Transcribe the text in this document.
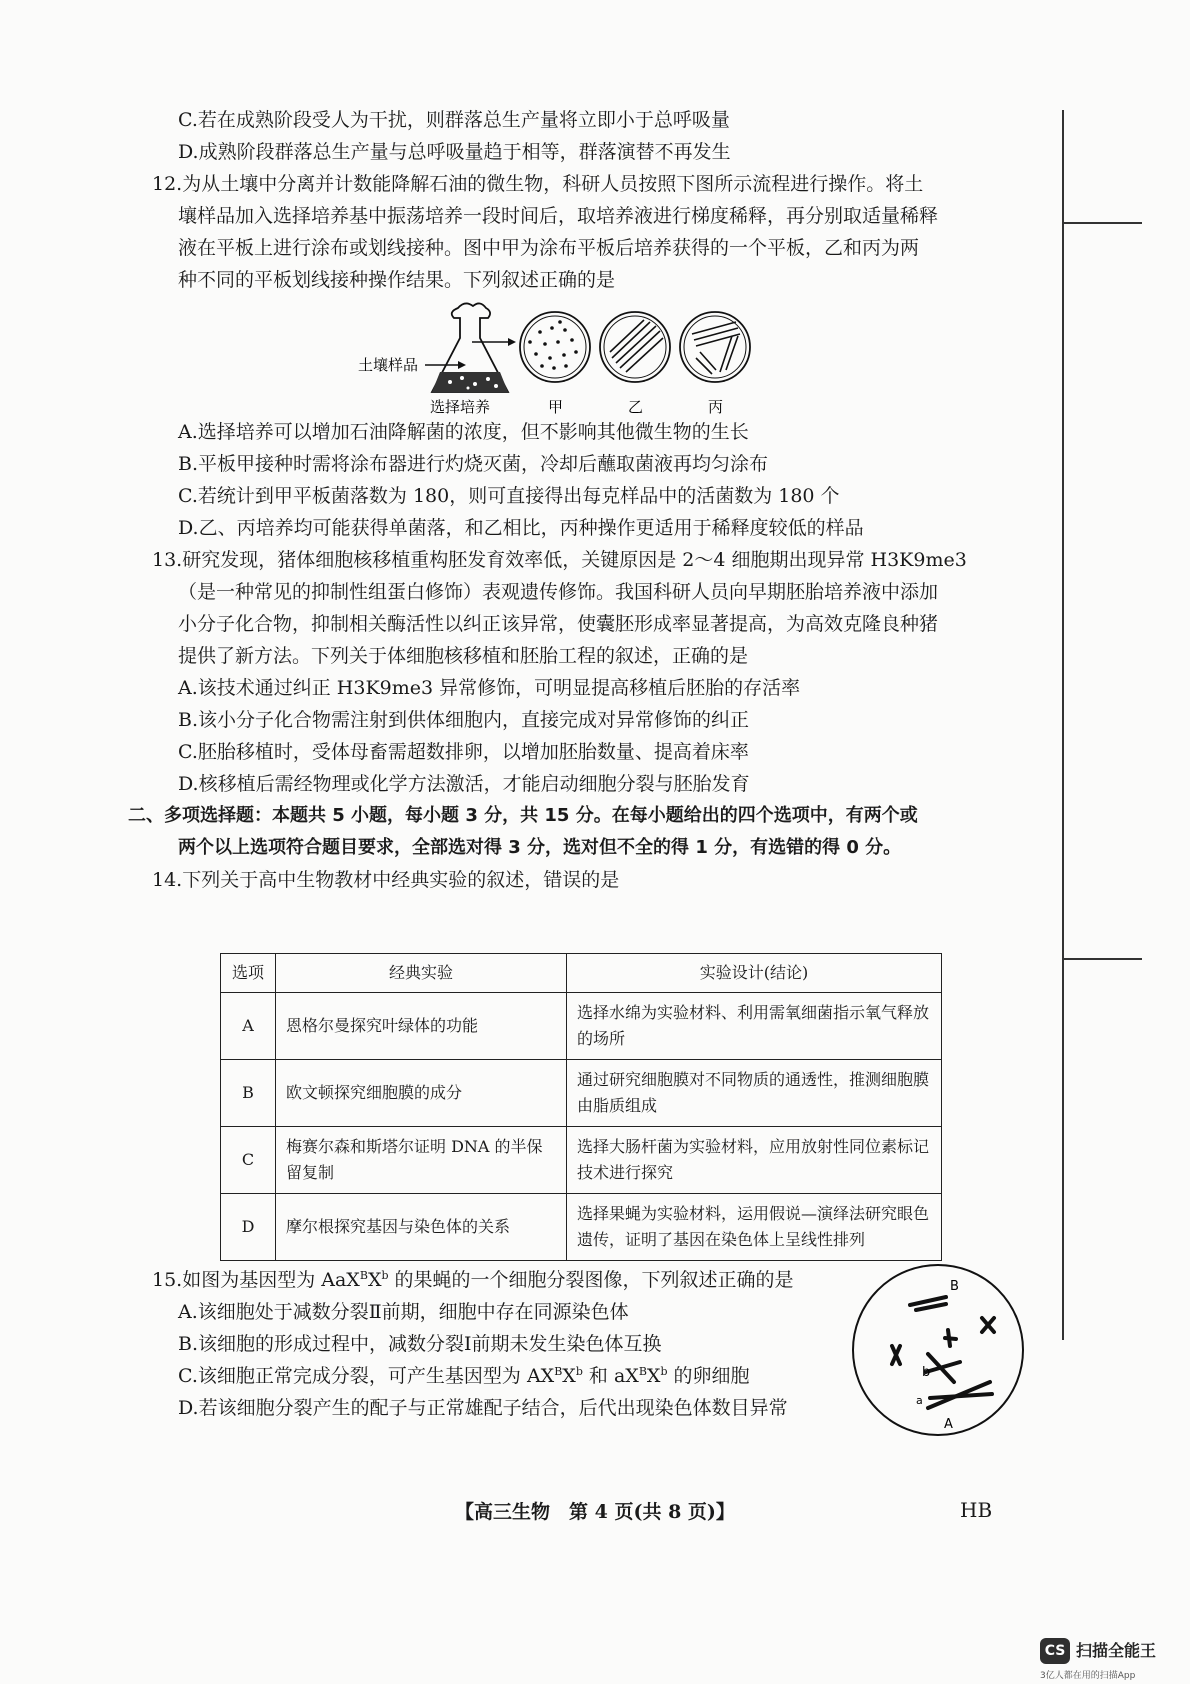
C.若在成熟阶段受人为干扰，则群落总生产量将立即小于总呼吸量
D.成熟阶段群落总生产量与总呼吸量趋于相等，群落演替不再发生
12.为从土壤中分离并计数能降解石油的微生物，科研人员按照下图所示流程进行操作。将土
壤样品加入选择培养基中振荡培养一段时间后，取培养液进行梯度稀释，再分别取适量稀释
液在平板上进行涂布或划线接种。图中甲为涂布平板后培养获得的一个平板，乙和丙为两
种不同的平板划线接种操作结果。下列叙述正确的是
土壤样品
选择培养	甲	乙	丙
A.选择培养可以增加石油降解菌的浓度，但不影响其他微生物的生长
B.平板甲接种时需将涂布器进行灼烧灭菌，冷却后蘸取菌液再均匀涂布
C.若统计到甲平板菌落数为 180，则可直接得出每克样品中的活菌数为 180 个
D.乙、丙培养均可能获得单菌落，和乙相比，丙种操作更适用于稀释度较低的样品
13.研究发现，猪体细胞核移植重构胚发育效率低，关键原因是 2～4 细胞期出现异常 H3K9me3
（是一种常见的抑制性组蛋白修饰）表观遗传修饰。我国科研人员向早期胚胎培养液中添加
小分子化合物，抑制相关酶活性以纠正该异常，使囊胚形成率显著提高，为高效克隆良种猪
提供了新方法。下列关于体细胞核移植和胚胎工程的叙述，正确的是
A.该技术通过纠正 H3K9me3 异常修饰，可明显提高移植后胚胎的存活率
B.该小分子化合物需注射到供体细胞内，直接完成对异常修饰的纠正
C.胚胎移植时，受体母畜需超数排卵，以增加胚胎数量、提高着床率
D.核移植后需经物理或化学方法激活，才能启动细胞分裂与胚胎发育
二、多项选择题：本题共 5 小题，每小题 3 分，共 15 分。在每小题给出的四个选项中，有两个或
两个以上选项符合题目要求，全部选对得 3 分，选对但不全的得 1 分，有选错的得 0 分。
14.下列关于高中生物教材中经典实验的叙述，错误的是
选项	经典实验	实验设计(结论)
A	恩格尔曼探究叶绿体的功能	选择水绵为实验材料、利用需氧细菌指示氧气释放的场所
B	欧文顿探究细胞膜的成分	通过研究细胞膜对不同物质的通透性，推测细胞膜由脂质组成
C	梅赛尔森和斯塔尔证明 DNA 的半保留复制	选择大肠杆菌为实验材料，应用放射性同位素标记技术进行探究
D	摩尔根探究基因与染色体的关系	选择果蝇为实验材料，运用假说—演绎法研究眼色遗传，证明了基因在染色体上呈线性排列
15.如图为基因型为 $AaX^BX^b$ 的果蝇的一个细胞分裂图像，下列叙述正确的是
A.该细胞处于减数分裂Ⅱ前期，细胞中存在同源染色体
B.该细胞的形成过程中，减数分裂Ⅰ前期未发生染色体互换
C.该细胞正常完成分裂，可产生基因型为 $AX^BX^b$ 和 $aX^BX^b$ 的卵细胞
D.若该细胞分裂产生的配子与正常雄配子结合，后代出现染色体数目异常
B
b
a
A
【高三生物　第 4 页(共 8 页)】	HB
CS 扫描全能王
3亿人都在用的扫描App
